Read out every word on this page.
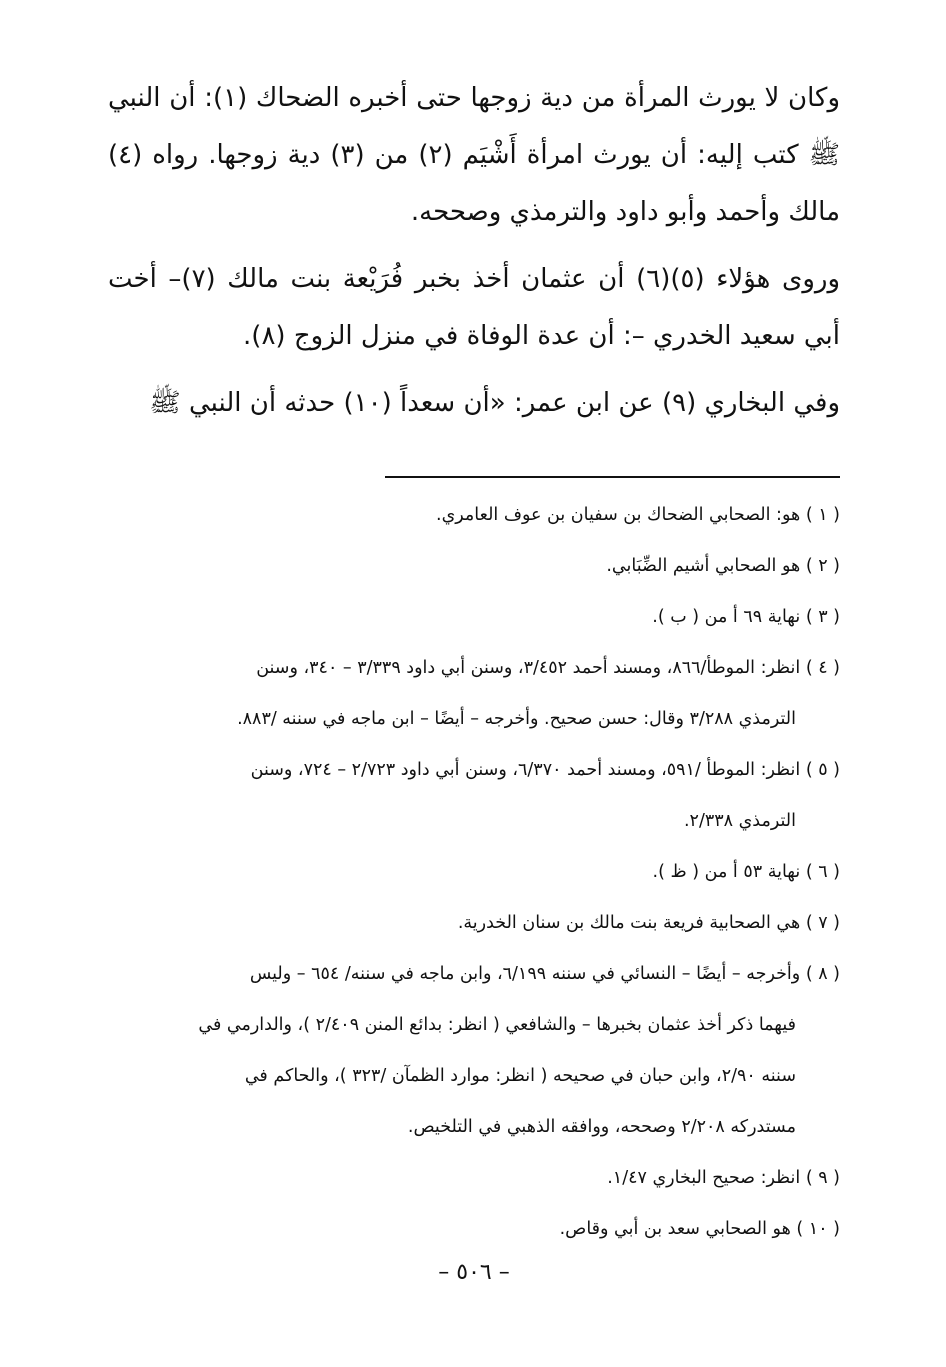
وكان لا يورث المرأة من دية زوجها حتى أخبره الضحاك (١): أن النبي ﷺ كتب إليه: أن يورث امرأة أَشْيَم (٢) من (٣) دية زوجها. رواه (٤) مالك وأحمد وأبو داود والترمذي وصححه.

وروى هؤلاء (٥)(٦) أن عثمان أخذ بخبر فُرَيْعة بنت مالك (٧)– أخت أبي سعيد الخدري –: أن عدة الوفاة في منزل الزوج (٨).

وفي البخاري (٩) عن ابن عمر: «أن سعداً (١٠) حدثه أن النبي ﷺ

( ١ ) هو: الصحابي الضحاك بن سفيان بن عوف العامري.
( ٢ ) هو الصحابي أشيم الضِّبَابي.
( ٣ ) نهاية ٦٩ أ من ( ب ).
( ٤ ) انظر: الموطأ/٨٦٦، ومسند أحمد ٣/٤٥٢، وسنن أبي داود ٣/٣٣٩ – ٣٤٠، وسنن
الترمذي ٣/٢٨٨ وقال: حسن صحيح. وأخرجه – أيضًا – ابن ماجه في سننه /٨٨٣.
( ٥ ) انظر: الموطأ /٥٩١، ومسند أحمد ٦/٣٧٠، وسنن أبي داود ٢/٧٢٣ – ٧٢٤، وسنن
الترمذي ٢/٣٣٨.
( ٦ ) نهاية ٥٣ أ من ( ظ ).
( ٧ ) هي الصحابية فريعة بنت مالك بن سنان الخدرية.
( ٨ ) وأخرجه – أيضًا – النسائي في سننه ٦/١٩٩، وابن ماجه في سننه/ ٦٥٤ – وليس
فيهما ذكر أخذ عثمان بخبرها – والشافعي ( انظر: بدائع المنن ٢/٤٠٩ )، والدارمي في
سننه ٢/٩٠، وابن حبان في صحيحه ( انظر: موارد الظمآن /٣٢٣ )، والحاكم في
مستدركه ٢/٢٠٨ وصححه، ووافقه الذهبي في التلخيص.
( ٩ ) انظر: صحيح البخاري ١/٤٧.
( ١٠ ) هو الصحابي سعد بن أبي وقاص.
– ٥٠٦ –
